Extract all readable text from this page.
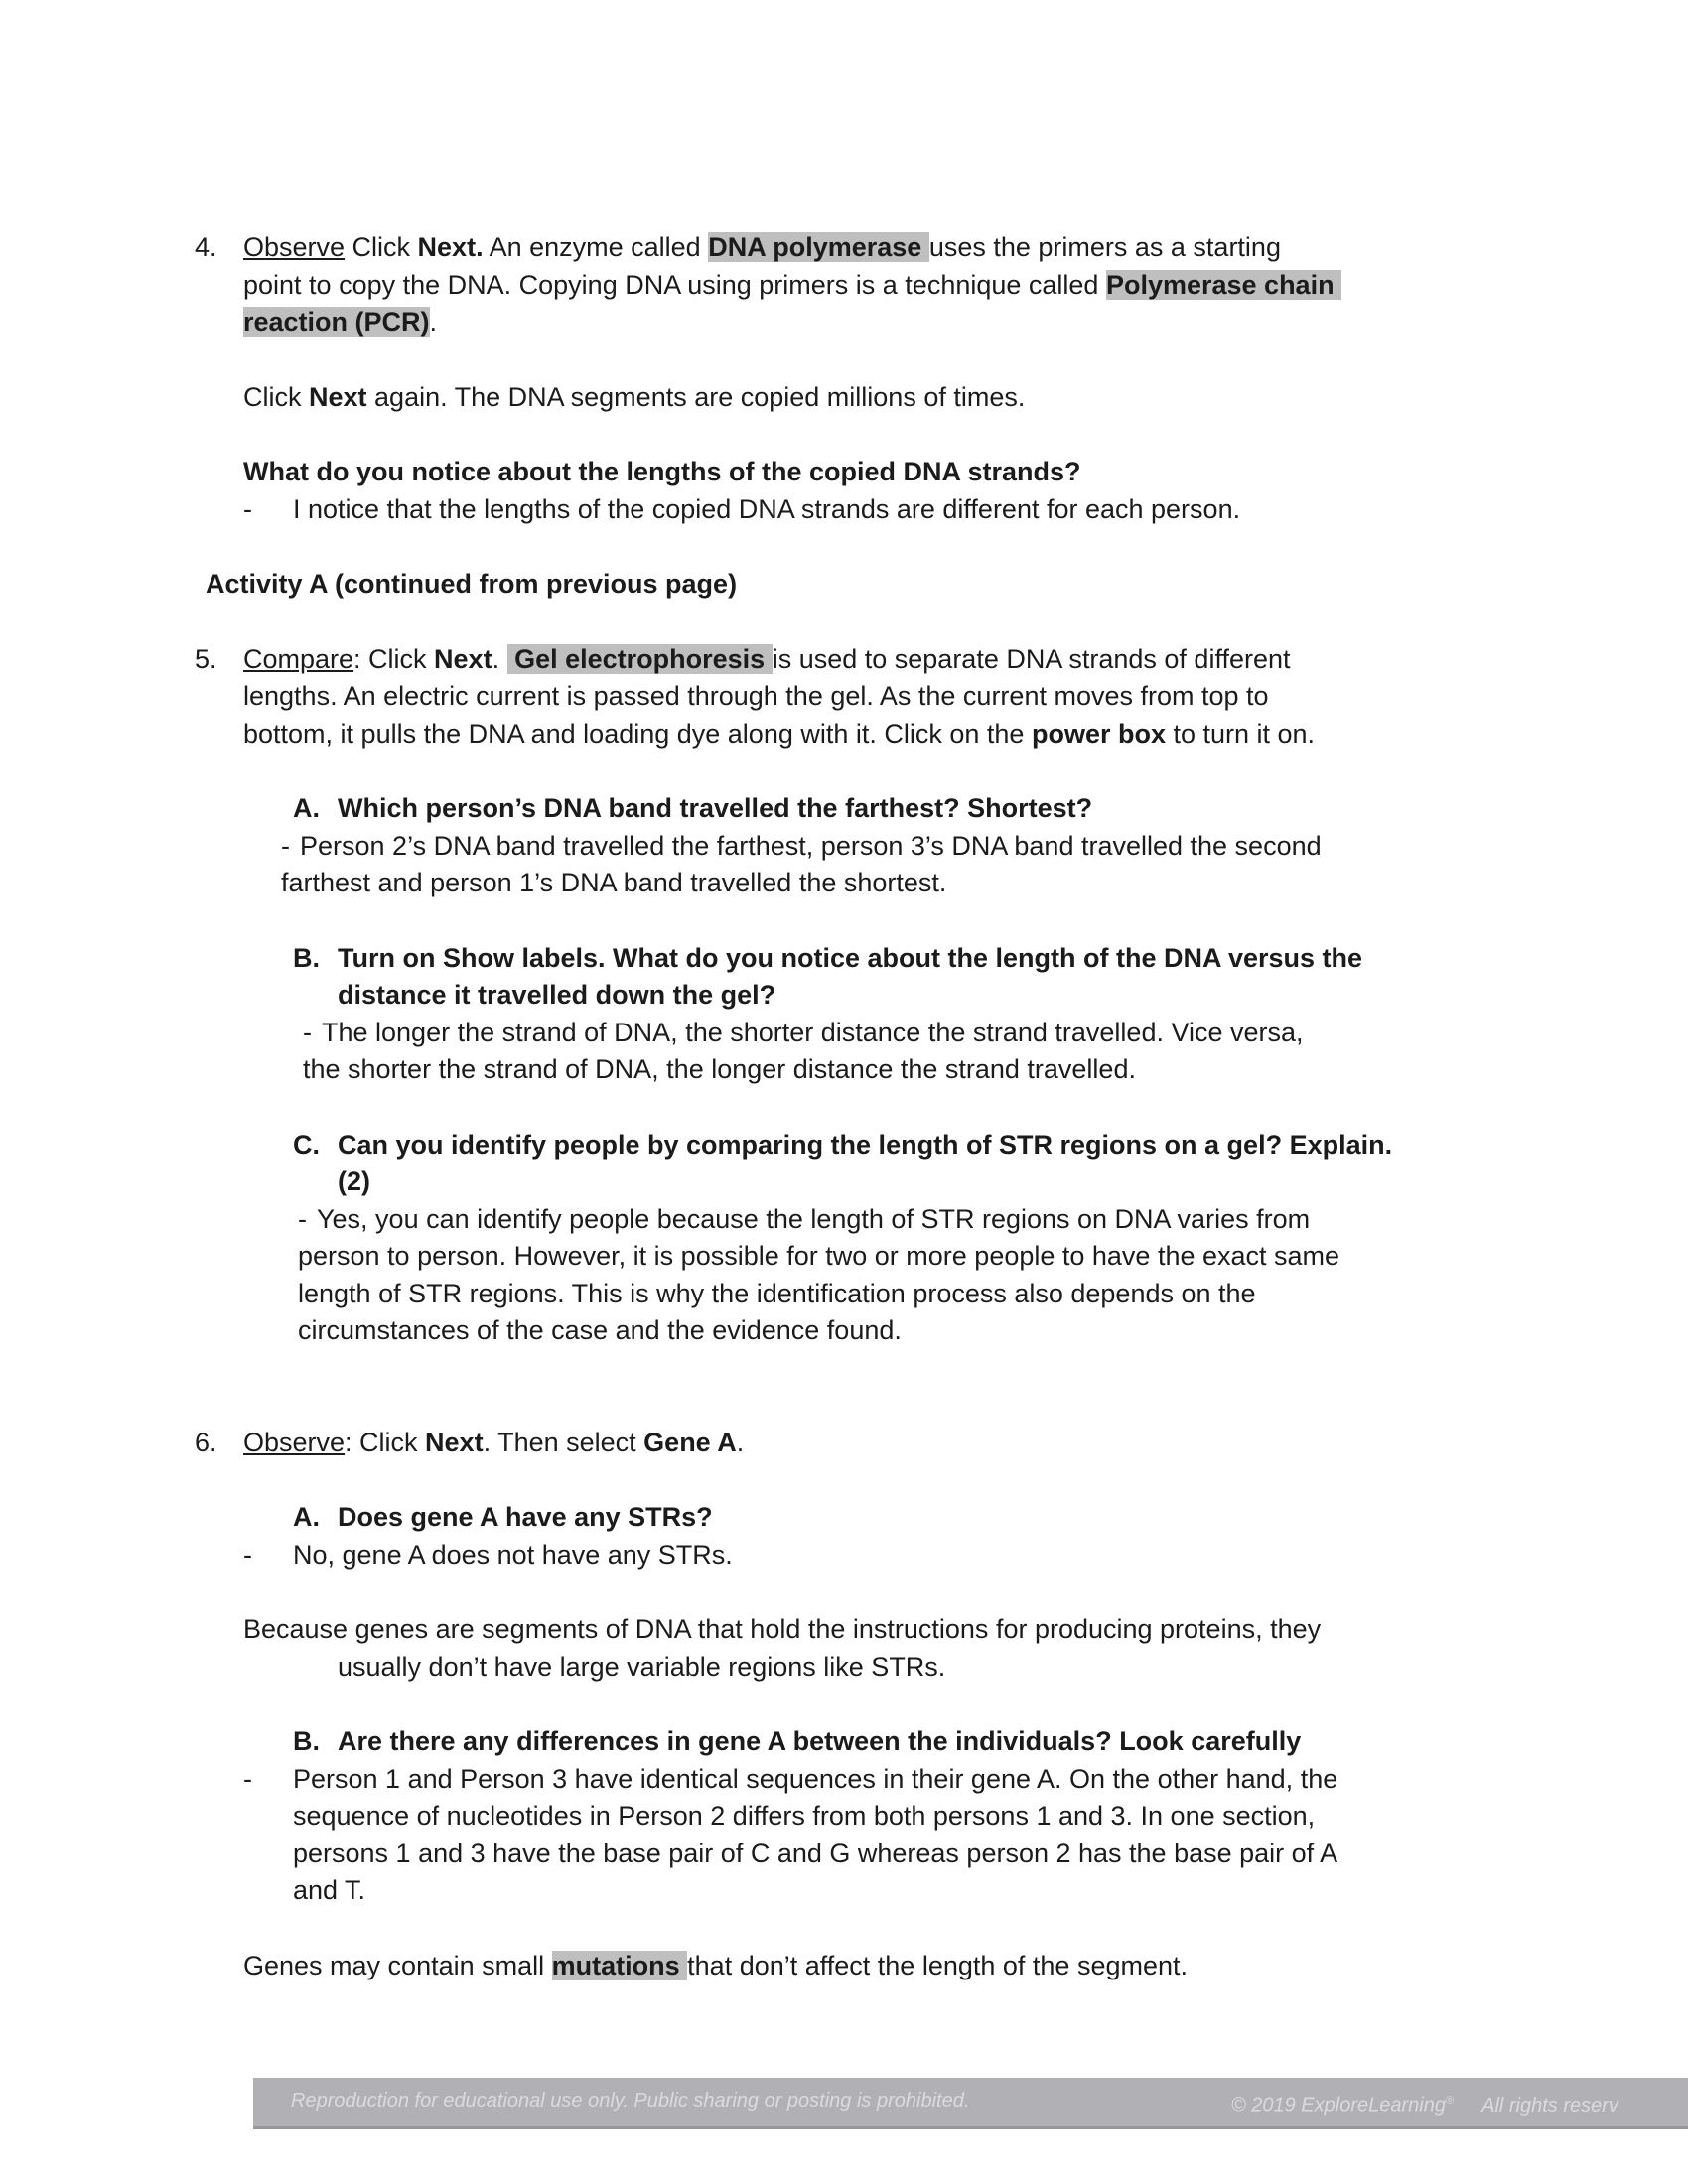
4. Observe Click Next. An enzyme called DNA polymerase uses the primers as a starting point to copy the DNA. Copying DNA using primers is a technique called Polymerase chain reaction (PCR).

Click Next again. The DNA segments are copied millions of times.

What do you notice about the lengths of the copied DNA strands?

- I notice that the lengths of the copied DNA strands are different for each person.

Activity A (continued from previous page)

5. Compare: Click Next.  Gel electrophoresis is used to separate DNA strands of different lengths. An electric current is passed through the gel. As the current moves from top to bottom, it pulls the DNA and loading dye along with it. Click on the power box to turn it on.

A. Which person’s DNA band travelled the farthest? Shortest?

- Person 2’s DNA band travelled the farthest, person 3’s DNA band travelled the second farthest and person 1’s DNA band travelled the shortest.

B. Turn on Show labels. What do you notice about the length of the DNA versus the distance it travelled down the gel?

- The longer the strand of DNA, the shorter distance the strand travelled. Vice versa, the shorter the strand of DNA, the longer distance the strand travelled.

C. Can you identify people by comparing the length of STR regions on a gel? Explain. (2)

- Yes, you can identify people because the length of STR regions on DNA varies from person to person. However, it is possible for two or more people to have the exact same length of STR regions. This is why the identification process also depends on the circumstances of the case and the evidence found.

6. Observe: Click Next. Then select Gene A.

A. Does gene A have any STRs?

- No, gene A does not have any STRs.

Because genes are segments of DNA that hold the instructions for producing proteins, they usually don’t have large variable regions like STRs.

B. Are there any differences in gene A between the individuals? Look carefully

- Person 1 and Person 3 have identical sequences in their gene A. On the other hand, the sequence of nucleotides in Person 2 differs from both persons 1 and 3. In one section, persons 1 and 3 have the base pair of C and G whereas person 2 has the base pair of A and T.

Genes may contain small mutations that don’t affect the length of the segment.

Reproduction for educational use only. Public sharing or posting is prohibited.	© 2019 ExploreLearning® All rights reserv
